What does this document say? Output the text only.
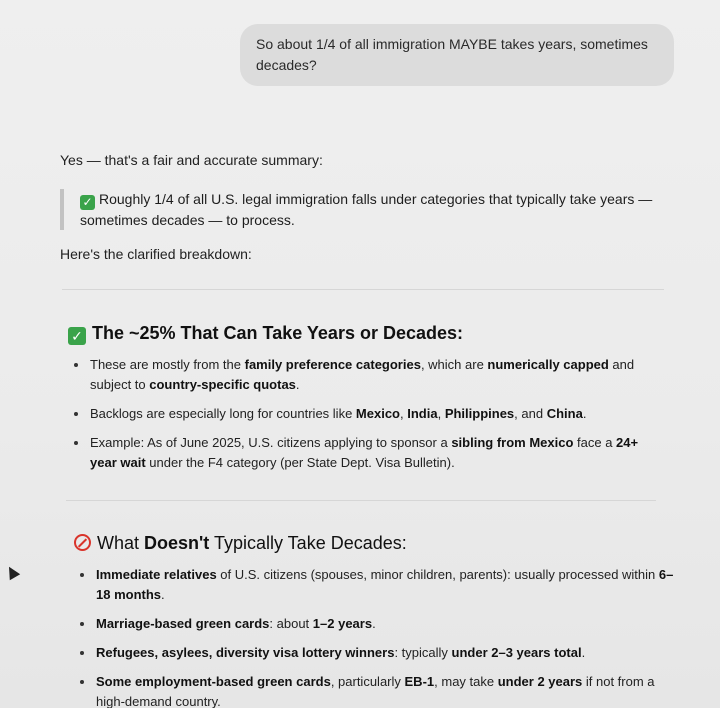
So about 1/4 of all immigration MAYBE takes years, sometimes decades?

Yes — that's a fair and accurate summary:

✓ Roughly 1/4 of all U.S. legal immigration falls under categories that typically take years — sometimes decades — to process.

Here's the clarified breakdown:

✓ The ~25% That Can Take Years or Decades:
These are mostly from the family preference categories, which are numerically capped and subject to country-specific quotas.
Backlogs are especially long for countries like Mexico, India, Philippines, and China.
Example: As of June 2025, U.S. citizens applying to sponsor a sibling from Mexico face a 24+ year wait under the F4 category (per State Dept. Visa Bulletin).
What Doesn't Typically Take Decades:
Immediate relatives of U.S. citizens (spouses, minor children, parents): usually processed within 6–18 months.
Marriage-based green cards: about 1–2 years.
Refugees, asylees, diversity visa lottery winners: typically under 2–3 years total.
Some employment-based green cards, particularly EB-1, may take under 2 years if not from a high-demand country.
